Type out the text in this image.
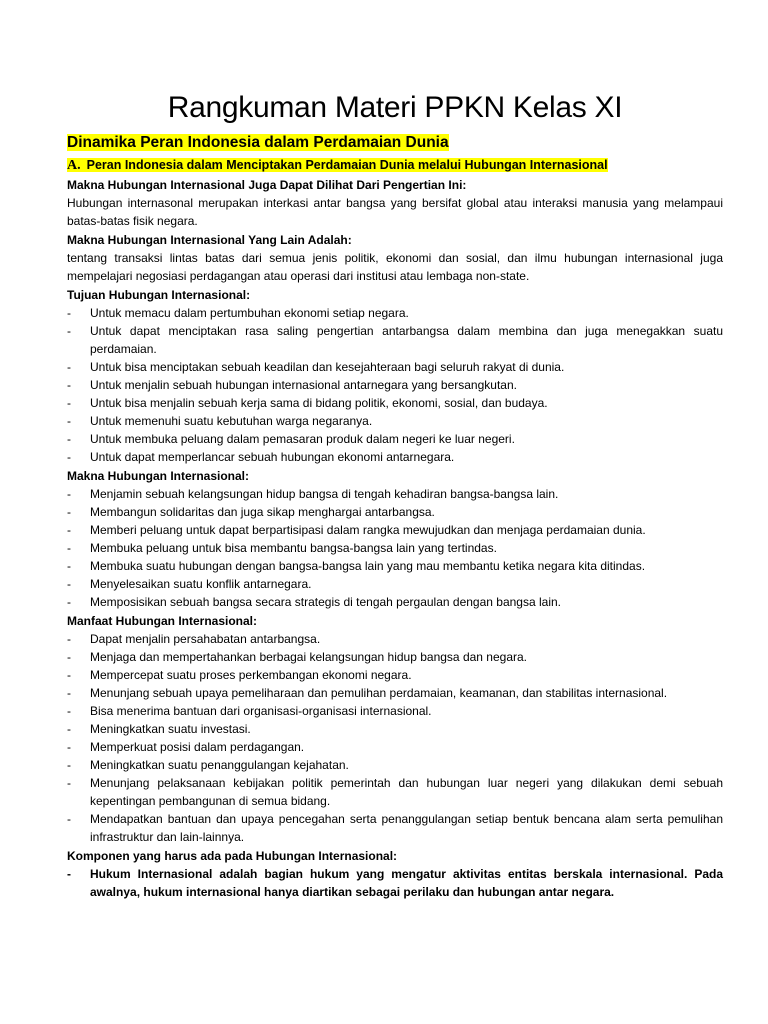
Rangkuman Materi PPKN Kelas XI
Dinamika Peran Indonesia dalam Perdamaian Dunia
A. Peran Indonesia dalam Menciptakan Perdamaian Dunia melalui Hubungan Internasional
Makna Hubungan Internasional Juga Dapat Dilihat Dari Pengertian Ini:
Hubungan internasonal merupakan interkasi antar bangsa yang bersifat global atau interaksi manusia yang melampaui batas-batas fisik negara.
Makna Hubungan Internasional Yang Lain Adalah:
tentang transaksi lintas batas dari semua jenis politik, ekonomi dan sosial, dan ilmu hubungan internasional juga mempelajari negosiasi perdagangan atau operasi dari institusi atau lembaga non-state.
Tujuan Hubungan Internasional:
- Untuk memacu dalam pertumbuhan ekonomi setiap negara.
- Untuk dapat menciptakan rasa saling pengertian antarbangsa dalam membina dan juga menegakkan suatu perdamaian.
- Untuk bisa menciptakan sebuah keadilan dan kesejahteraan bagi seluruh rakyat di dunia.
- Untuk menjalin sebuah hubungan internasional antarnegara yang bersangkutan.
- Untuk bisa menjalin sebuah kerja sama di bidang politik, ekonomi, sosial, dan budaya.
- Untuk memenuhi suatu kebutuhan warga negaranya.
- Untuk membuka peluang dalam pemasaran produk dalam negeri ke luar negeri.
- Untuk dapat memperlancar sebuah hubungan ekonomi antarnegara.
Makna Hubungan Internasional:
- Menjamin sebuah kelangsungan hidup bangsa di tengah kehadiran bangsa-bangsa lain.
- Membangun solidaritas dan juga sikap menghargai antarbangsa.
- Memberi peluang untuk dapat berpartisipasi dalam rangka mewujudkan dan menjaga perdamaian dunia.
- Membuka peluang untuk bisa membantu bangsa-bangsa lain yang tertindas.
- Membuka suatu hubungan dengan bangsa-bangsa lain yang mau membantu ketika negara kita ditindas.
- Menyelesaikan suatu konflik antarnegara.
- Memposisikan sebuah bangsa secara strategis di tengah pergaulan dengan bangsa lain.
Manfaat Hubungan Internasional:
- Dapat menjalin persahabatan antarbangsa.
- Menjaga dan mempertahankan berbagai kelangsungan hidup bangsa dan negara.
- Mempercepat suatu proses perkembangan ekonomi negara.
- Menunjang sebuah upaya pemeliharaan dan pemulihan perdamaian, keamanan, dan stabilitas internasional.
- Bisa menerima bantuan dari organisasi-organisasi internasional.
- Meningkatkan suatu investasi.
- Memperkuat posisi dalam perdagangan.
- Meningkatkan suatu penanggulangan kejahatan.
- Menunjang pelaksanaan kebijakan politik pemerintah dan hubungan luar negeri yang dilakukan demi sebuah kepentingan pembangunan di semua bidang.
- Mendapatkan bantuan dan upaya pencegahan serta penanggulangan setiap bentuk bencana alam serta pemulihan infrastruktur dan lain-lainnya.
Komponen yang harus ada pada Hubungan Internasional:
- Hukum Internasional adalah bagian hukum yang mengatur aktivitas entitas berskala internasional. Pada awalnya, hukum internasional hanya diartikan sebagai perilaku dan hubungan antar negara.
